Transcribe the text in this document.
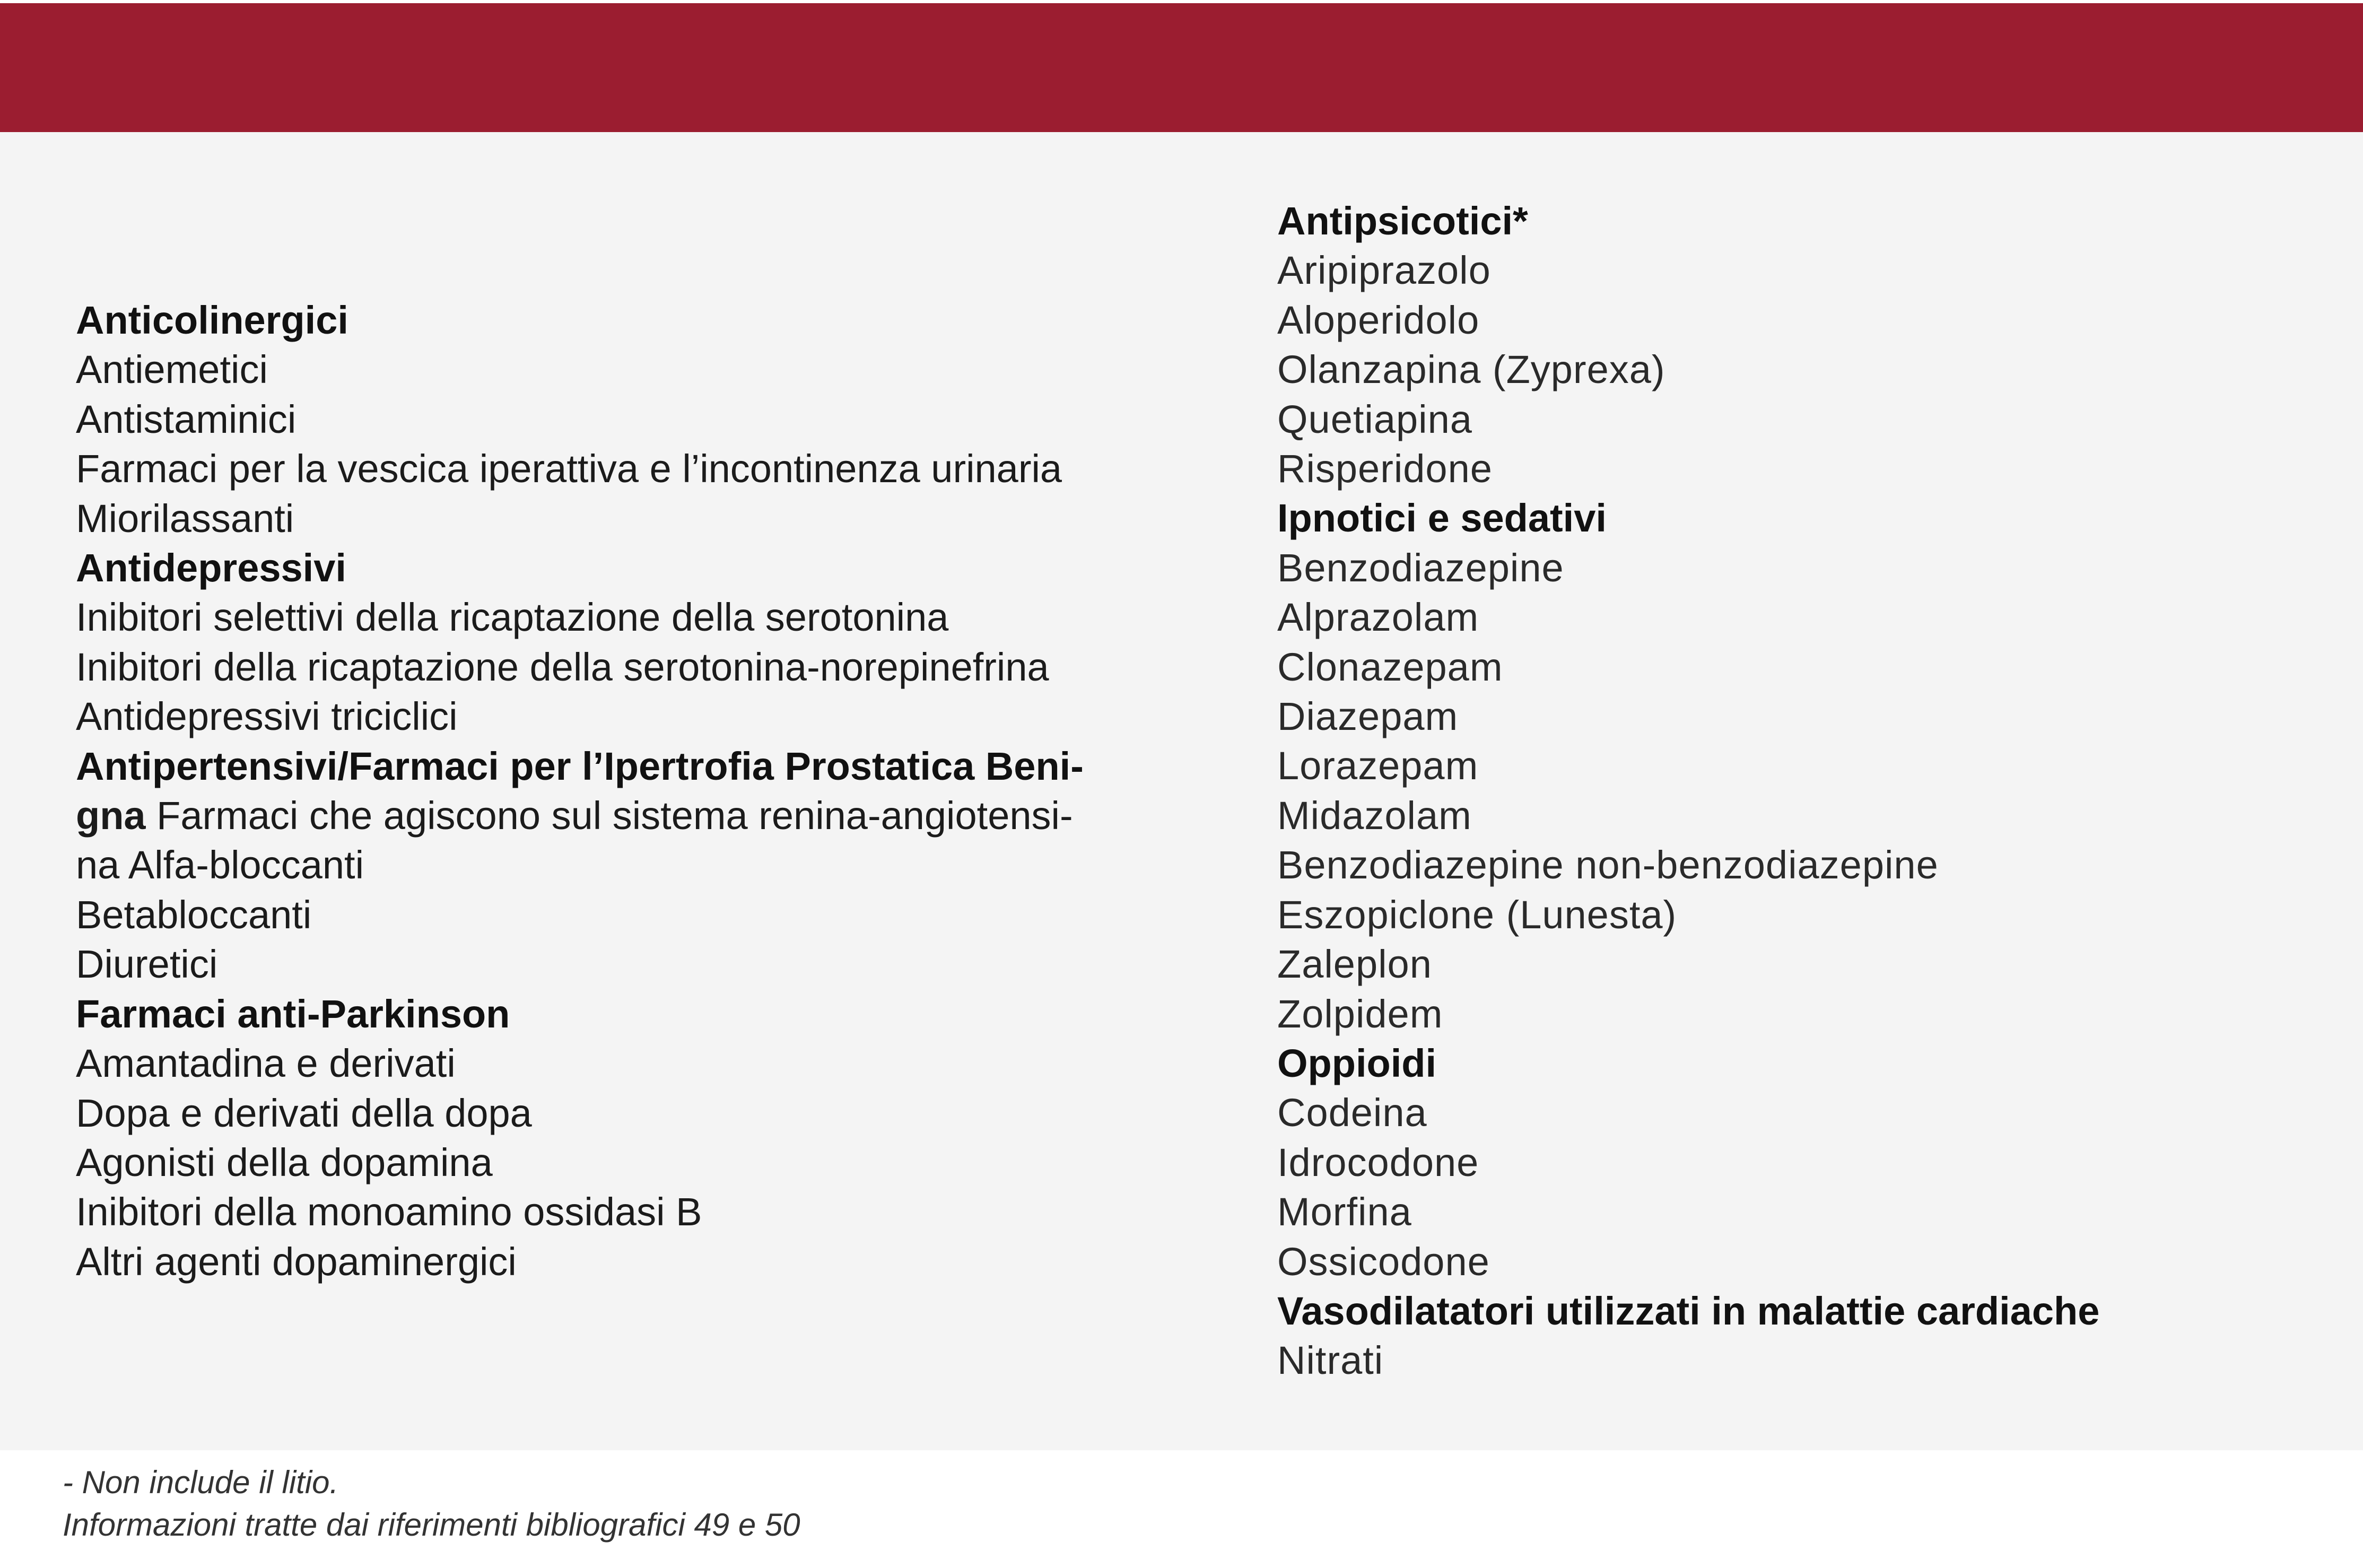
Anticolinergici
Antiemetici
Antistaminici
Farmaci per la vescica iperattiva e l’incontinenza urinaria
Miorilassanti
Antidepressivi
Inibitori selettivi della ricaptazione della serotonina
Inibitori della ricaptazione della serotonina-norepinefrina
Antidepressivi triciclici
Antipertensivi/Farmaci per l’Ipertrofia Prostatica Beni-
gna Farmaci che agiscono sul sistema renina-angiotensi-
na Alfa-bloccanti
Betabloccanti
Diuretici
Farmaci anti-Parkinson
Amantadina e derivati
Dopa e derivati della dopa
Agonisti della dopamina
Inibitori della monoamino ossidasi B
Altri agenti dopaminergici
Antipsicotici*
Aripiprazolo
Aloperidolo
Olanzapina (Zyprexa)
Quetiapina
Risperidone
Ipnotici e sedativi
Benzodiazepine
Alprazolam
Clonazepam
Diazepam
Lorazepam
Midazolam
Benzodiazepine non-benzodiazepine
Eszopiclone (Lunesta)
Zaleplon
Zolpidem
Oppioidi
Codeina
Idrocodone
Morfina
Ossicodone
Vasodilatatori utilizzati in malattie cardiache
Nitrati
- Non include il litio.
Informazioni tratte dai riferimenti bibliografici 49 e 50
